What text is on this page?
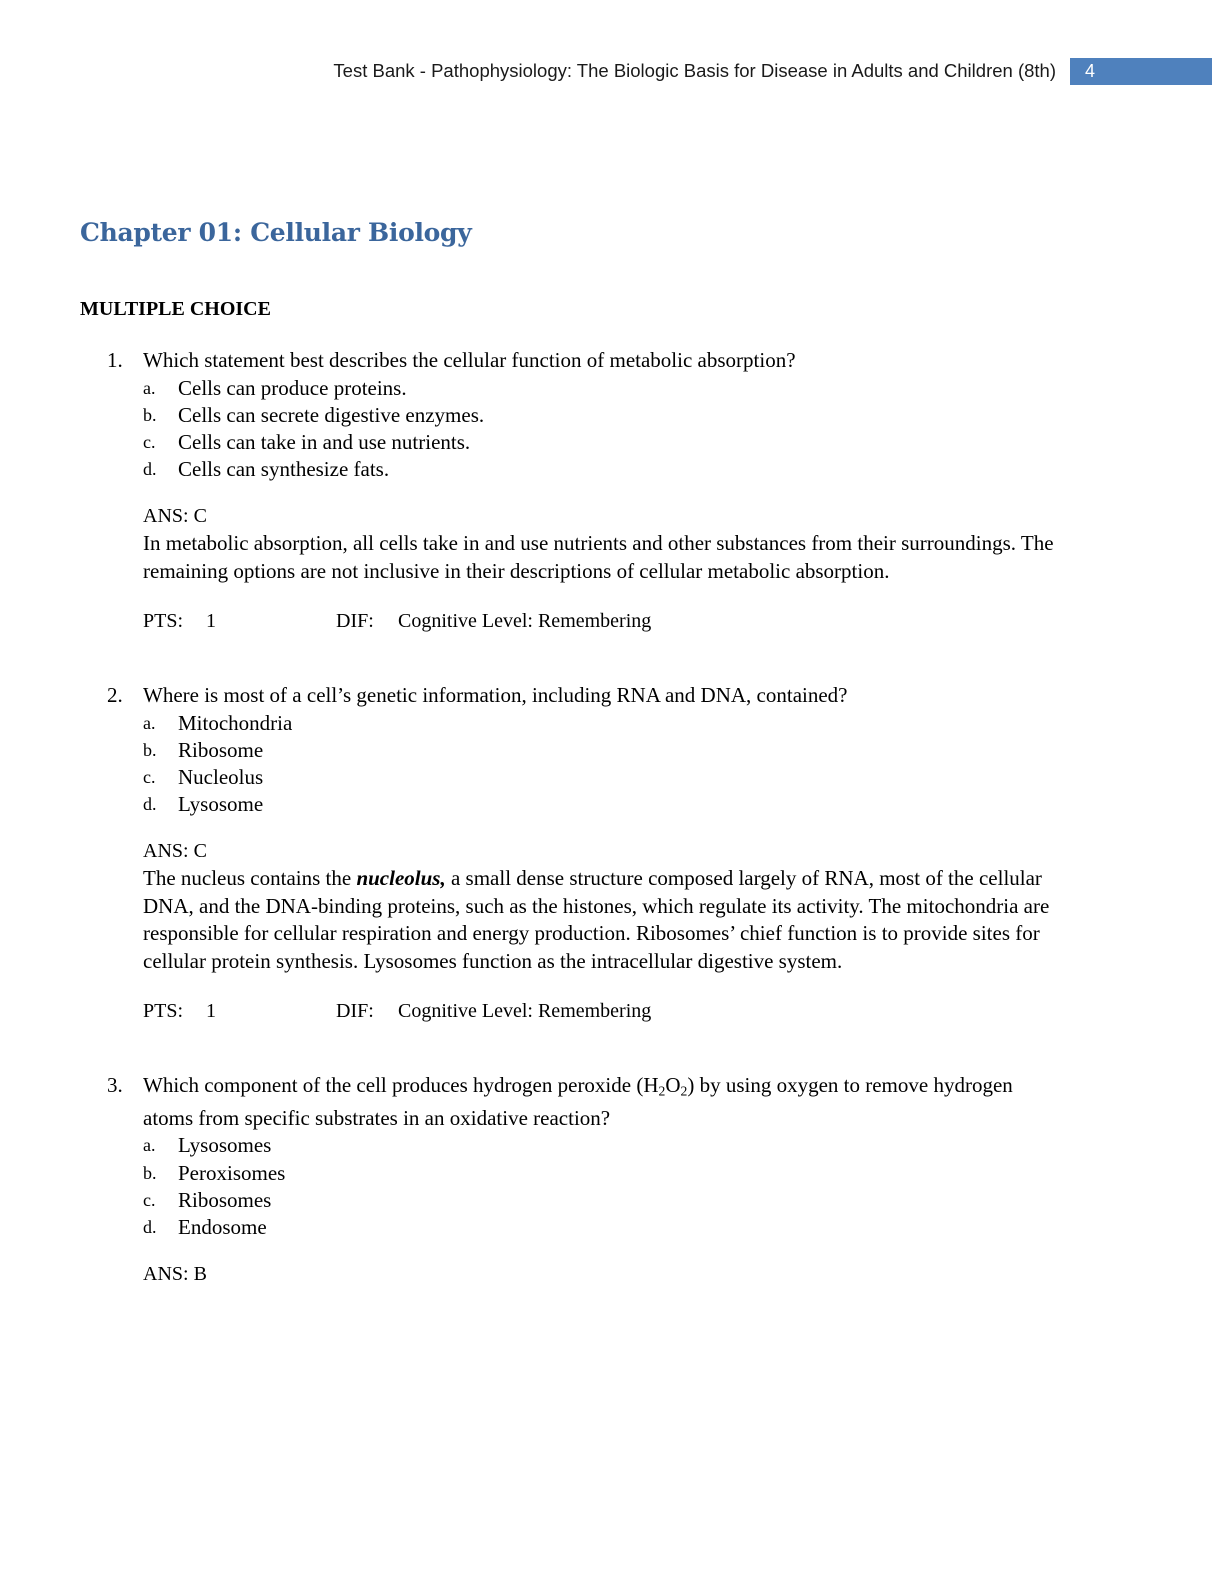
Test Bank - Pathophysiology: The Biologic Basis for Disease in Adults and Children (8th)	4
Chapter 01: Cellular Biology
MULTIPLE CHOICE
1. Which statement best describes the cellular function of metabolic absorption?
a. Cells can produce proteins.
b. Cells can secrete digestive enzymes.
c. Cells can take in and use nutrients.
d. Cells can synthesize fats.
ANS: C
In metabolic absorption, all cells take in and use nutrients and other substances from their surroundings. The remaining options are not inclusive in their descriptions of cellular metabolic absorption.
PTS: 1	DIF: Cognitive Level: Remembering
2. Where is most of a cell’s genetic information, including RNA and DNA, contained?
a. Mitochondria
b. Ribosome
c. Nucleolus
d. Lysosome
ANS: C
The nucleus contains the nucleolus, a small dense structure composed largely of RNA, most of the cellular DNA, and the DNA-binding proteins, such as the histones, which regulate its activity. The mitochondria are responsible for cellular respiration and energy production. Ribosomes’ chief function is to provide sites for cellular protein synthesis. Lysosomes function as the intracellular digestive system.
PTS: 1	DIF: Cognitive Level: Remembering
3. Which component of the cell produces hydrogen peroxide $(H_2O_2)$ by using oxygen to remove hydrogen atoms from specific substrates in an oxidative reaction?
a. Lysosomes
b. Peroxisomes
c. Ribosomes
d. Endosome
ANS: B
